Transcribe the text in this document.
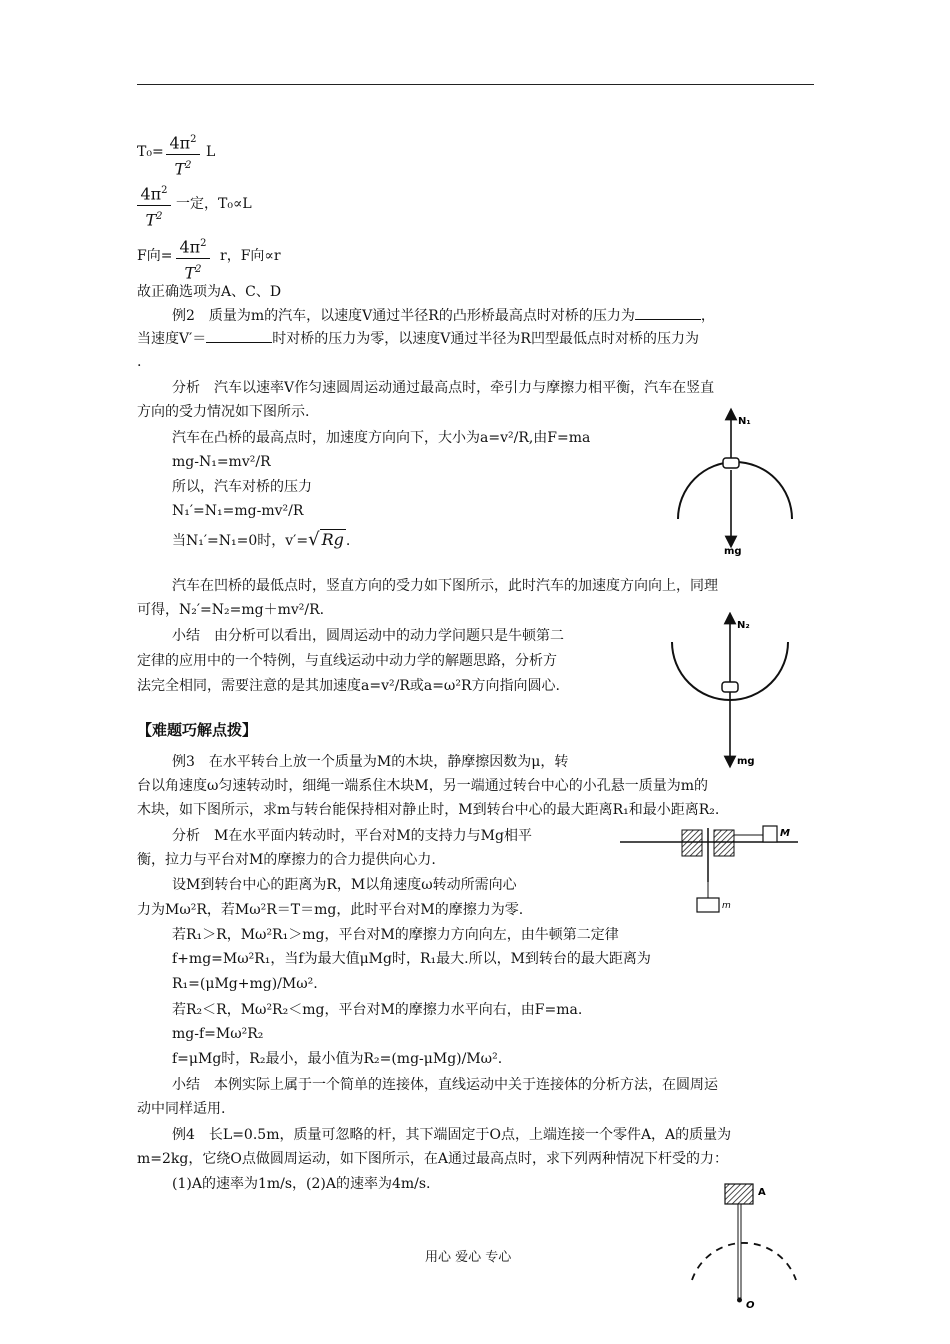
$T_0= 4\pi^2$
$T^2$
L
$4\pi^2$
$T^2$
一定，T₀∝L
F向= $4\pi^2$
$T^2$
r，F向∝r
故正确选项为A、C、D
例2　质量为m的汽车，以速度V通过半径R的凸形桥最高点时对桥的压力为	，
当速度V′＝	时对桥的压力为零，以速度V通过半径为R凹型最低点时对桥的压力为
.
分析　汽车以速率V作匀速圆周运动通过最高点时，牵引力与摩擦力相平衡，汽车在竖直
方向的受力情况如下图所示.
汽车在凸桥的最高点时，加速度方向向下，大小为a=v²/R,由F=ma
mg-N₁=mv²/R
所以，汽车对桥的压力
N₁′=N₁=mg-mv²/R
当N₁′=N₁=0时，v′=√ Rg .
汽车在凹桥的最低点时，竖直方向的受力如下图所示，此时汽车的加速度方向向上，同理
可得，N₂′=N₂=mg＋mv²/R.
小结　由分析可以看出，圆周运动中的动力学问题只是牛顿第二
定律的应用中的一个特例，与直线运动中动力学的解题思路，分析方
法完全相同，需要注意的是其加速度a=v²/R或a=ω²R方向指向圆心.
【难题巧解点拨】
例3　在水平转台上放一个质量为M的木块，静摩擦因数为μ，转
台以角速度ω匀速转动时，细绳一端系住木块M，另一端通过转台中心的小孔悬一质量为m的
木块，如下图所示，求m与转台能保持相对静止时，M到转台中心的最大距离R₁和最小距离R₂.
分析　M在水平面内转动时，平台对M的支持力与Mg相平
衡，拉力与平台对M的摩擦力的合力提供向心力.
设M到转台中心的距离为R，M以角速度ω转动所需向心
力为Mω²R，若Mω²R＝T＝mg，此时平台对M的摩擦力为零.
若R₁＞R，Mω²R₁＞mg，平台对M的摩擦力方向向左，由牛顿第二定律
f+mg=Mω²R₁，当f为最大值μMg时，R₁最大.所以，M到转台的最大距离为
R₁=(μMg+mg)/Mω².
若R₂＜R，Mω²R₂＜mg，平台对M的摩擦力水平向右，由F=ma.
mg-f=Mω²R₂
f=μMg时，R₂最小，最小值为R₂=(mg-μMg)/Mω².
小结　本例实际上属于一个简单的连接体，直线运动中关于连接体的分析方法，在圆周运
动中同样适用.
例4　长L=0.5m，质量可忽略的杆，其下端固定于O点，上端连接一个零件A，A的质量为
m=2kg，它绕O点做圆周运动，如下图所示，在A通过最高点时，求下列两种情况下杆受的力：
(1)A的速率为1m/s，(2)A的速率为4m/s.
用心 爱心 专心
N₁
mg
N₂
mg
M
m
A
O
